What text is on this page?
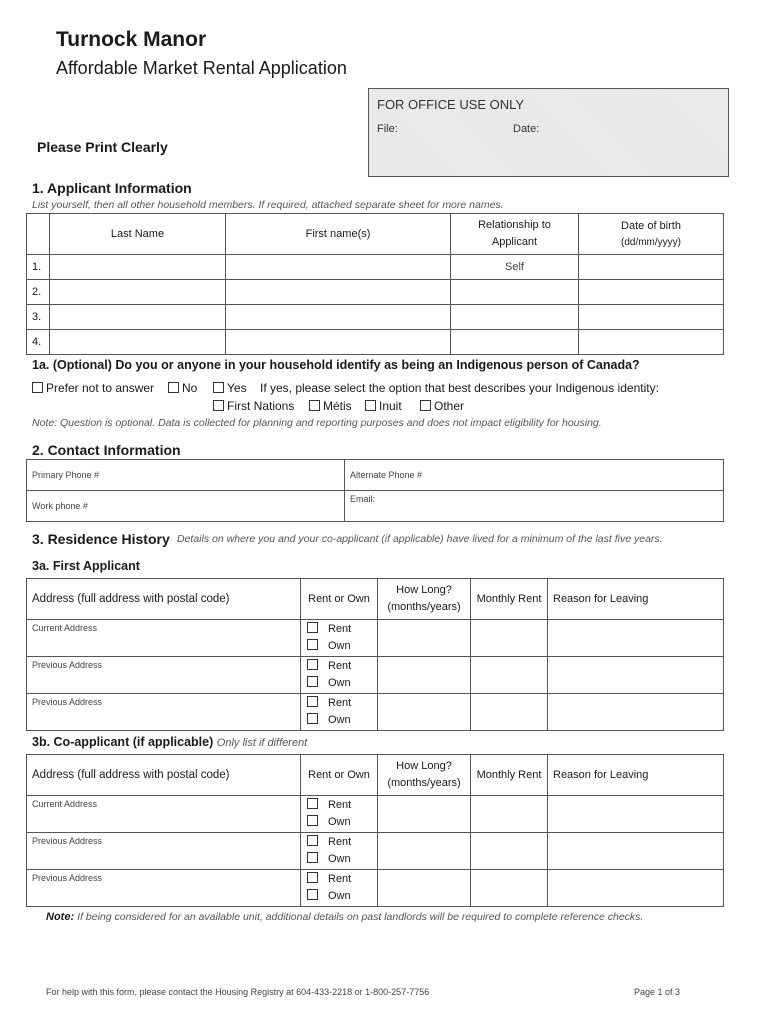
Turnock Manor
Affordable Market Rental Application
FOR OFFICE USE ONLY
File:	Date:
Please Print Clearly
1. Applicant Information
List yourself, then all other household members. If required, attached separate sheet for more names.
	Last Name	First name(s)	Relationship to Applicant	Date of birth
(dd/mm/yyyy)
1.			Self	
2.				
3.				
4.				
1a. (Optional) Do you or anyone in your household identify as being an Indigenous person of Canada?
Prefer not to answer	No	Yes If yes, please select the option that best describes your Indigenous identity:
First Nations	Métis	Inuit	Other
Note: Question is optional. Data is collected for planning and reporting purposes and does not impact eligibility for housing.
2. Contact Information
Primary Phone #	Alternate Phone #
Work phone #	Email:
3. Residence History Details on where you and your co-applicant (if applicable) have lived for a minimum of the last five years.
3a. First Applicant
Address (full address with postal code)	Rent or Own	How Long? (months/years)	Monthly Rent	Reason for Leaving
Current Address	Rent
Own			

Previous Address	Rent
Own			

Previous Address	Rent
Own			

3b. Co-applicant (if applicable) Only list if different
Address (full address with postal code)	Rent or Own	How Long? (months/years)	Monthly Rent	Reason for Leaving
Current Address	Rent
Own			

Previous Address	Rent
Own			

Previous Address	Rent
Own			

Note: If being considered for an available unit, additional details on past landlords will be required to complete reference checks.
For help with this form, please contact the Housing Registry at 604-433-2218 or 1-800-257-7756	Page 1 of 3
